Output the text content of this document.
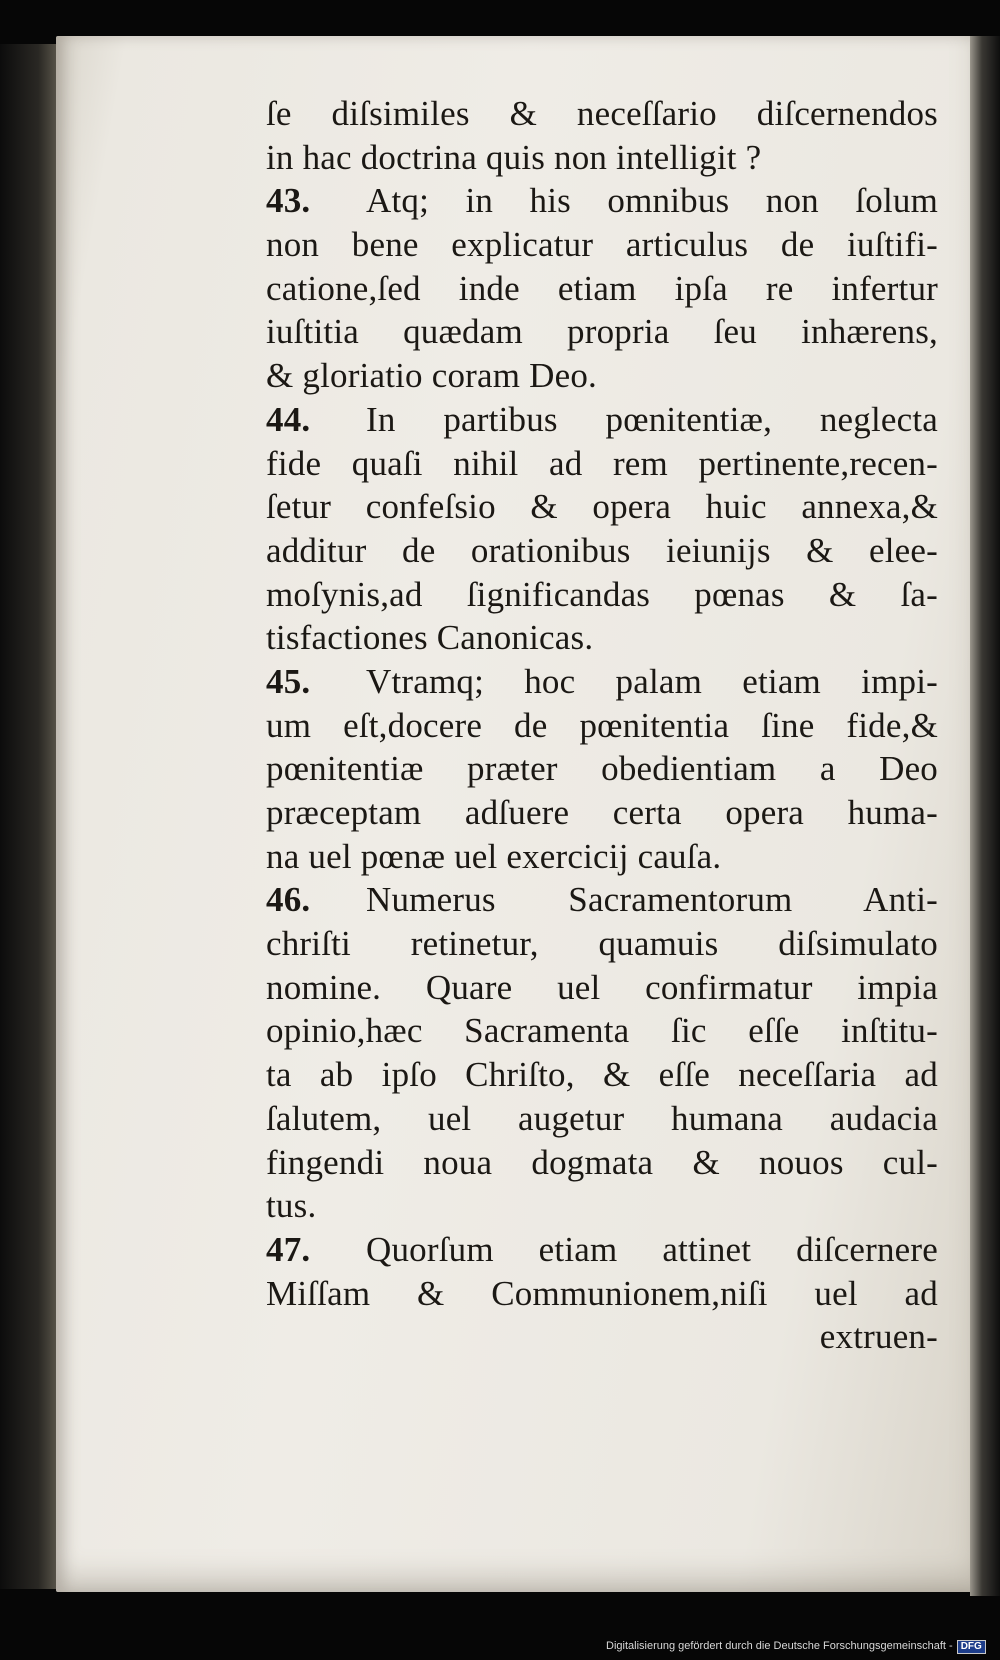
ſe diſsimiles & neceſſario diſcernendos
in hac doctrina quis non intelligit ?
43. Atq; in his omnibus non ſolum
non bene explicatur articulus de iuſtifi-
catione,ſed inde etiam ipſa re infertur
iuſtitia quædam propria ſeu inhærens,
& gloriatio coram Deo.
44. In partibus pœnitentiæ, neglecta
fide quaſi nihil ad rem pertinente,recen-
ſetur confeſsio & opera huic annexa,&
additur de orationibus ieiunijs & elee-
moſynis,ad ſignificandas pœnas & ſa-
tisfactiones Canonicas.
45. Vtramq; hoc palam etiam impi-
um eſt,docere de pœnitentia ſine fide,&
pœnitentiæ præter obedientiam a Deo
præceptam adſuere certa opera huma-
na uel pœnæ uel exercicij cauſa.
46. Numerus Sacramentorum Anti-
chriſti retinetur, quamuis diſsimulato
nomine. Quare uel confirmatur impia
opinio,hæc Sacramenta ſic eſſe inſtitu-
ta ab ipſo Chriſto, & eſſe neceſſaria ad
ſalutem, uel augetur humana audacia
fingendi noua dogmata & nouos cul-
tus.
47. Quorſum etiam attinet diſcernere
Miſſam & Communionem,niſi uel ad
extruen-
Digitalisierung gefördert durch die Deutsche Forschungsgemeinschaft - DFG
